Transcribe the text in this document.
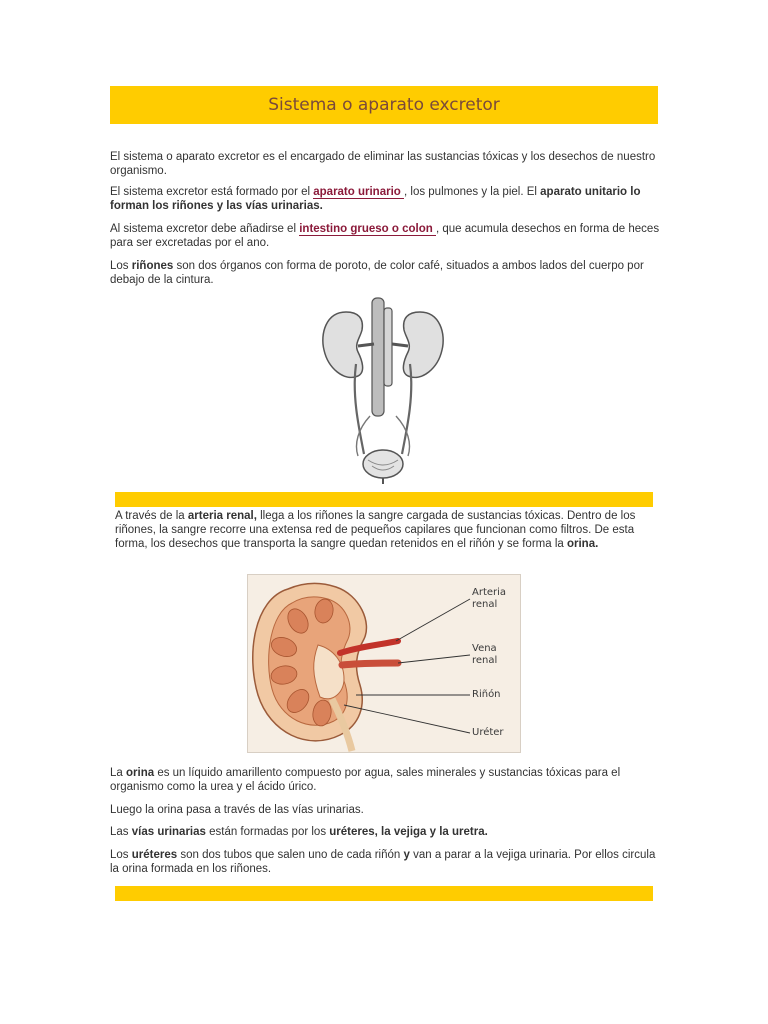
Sistema o aparato excretor

El sistema o aparato excretor es el encargado de eliminar las sustancias tóxicas y los desechos de nuestro organismo.

El sistema excretor está formado por el aparato urinario , los pulmones y la piel. El aparato unitario lo forman los riñones y las vías urinarias.

Al sistema excretor debe añadirse el intestino grueso o colon , que acumula desechos en forma de heces para ser excretadas por el ano.

Los riñones son dos órganos con forma de poroto, de color café, situados a ambos lados del cuerpo por debajo de la cintura.

A través de la arteria renal, llega a los riñones la sangre cargada de sustancias tóxicas. Dentro de los riñones, la sangre recorre una extensa red de pequeños capilares que funcionan como filtros. De esta forma, los desechos que transporta la sangre quedan retenidos en el riñón y se forma la orina.

Arteria renal
Vena renal
Riñón
Uréter

La orina es un líquido amarillento compuesto por agua, sales minerales y sustancias tóxicas para el organismo como la urea y el ácido úrico.

Luego la orina pasa a través de las vías urinarias.

Las vías urinarias están formadas por los uréteres, la vejiga y la uretra.

Los uréteres son dos tubos que salen uno de cada riñón y van a parar a la vejiga urinaria. Por ellos circula la orina formada en los riñones.
